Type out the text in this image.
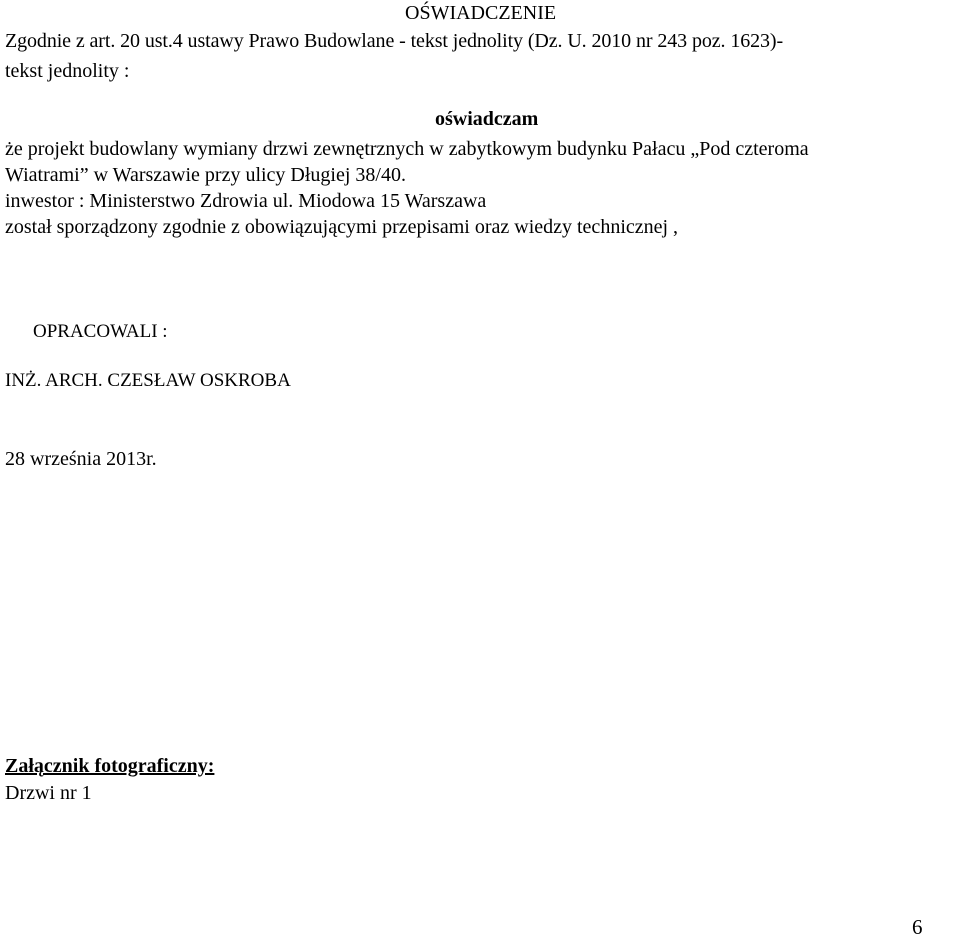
OŚWIADCZENIE

Zgodnie z art. 20 ust.4 ustawy Prawo Budowlane - tekst jednolity (Dz. U. 2010 nr 243 poz. 1623)-

tekst jednolity :

oświadczam

że projekt budowlany wymiany drzwi zewnętrznych w zabytkowym budynku Pałacu „Pod czteroma

Wiatrami” w Warszawie przy ulicy Długiej 38/40.

inwestor : Ministerstwo Zdrowia ul. Miodowa 15 Warszawa

został sporządzony zgodnie z obowiązującymi przepisami oraz wiedzy technicznej ,

OPRACOWALI :

INŻ. ARCH. CZESŁAW OSKROBA

28 września 2013r.

Załącznik fotograficzny:

Drzwi nr 1

6
